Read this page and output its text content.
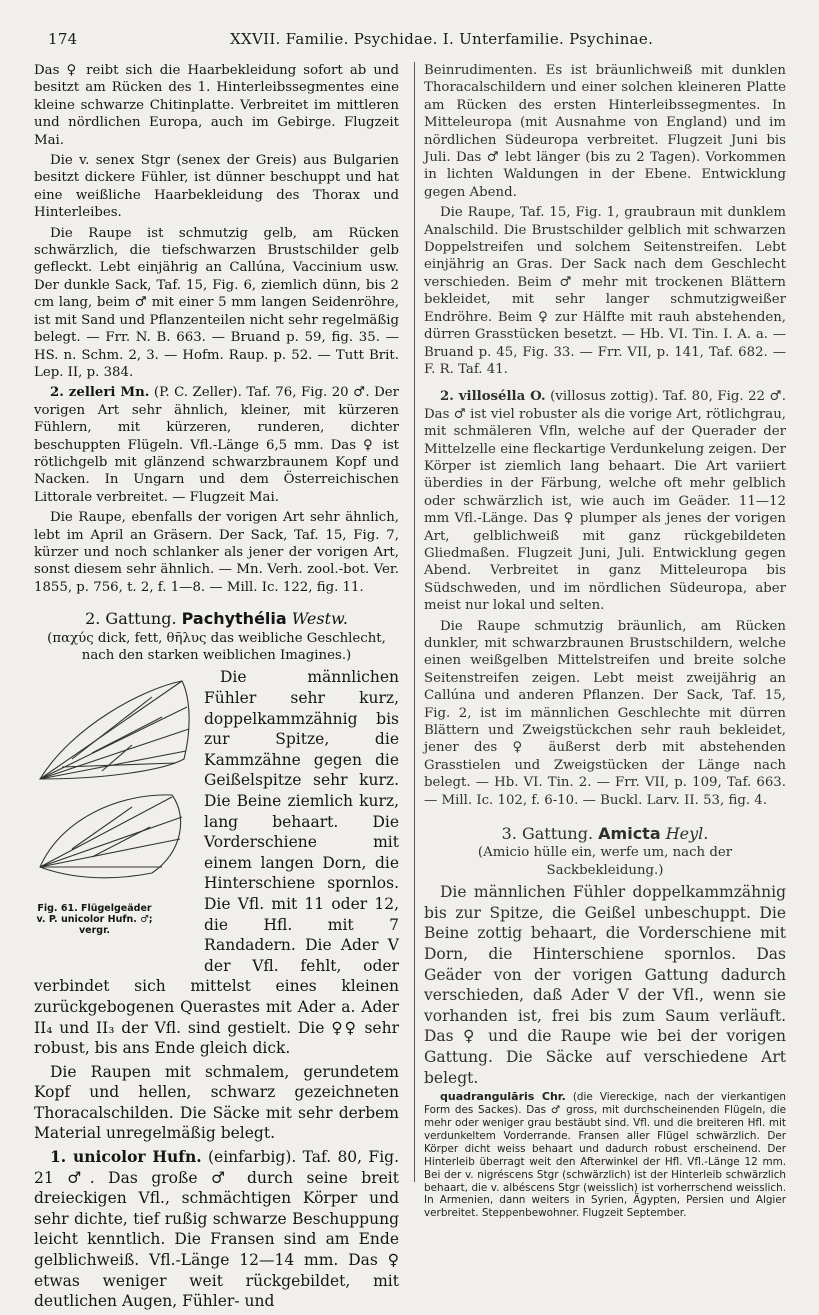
174	XXVII. Familie. Psychidae. I. Unterfamilie. Psychinae.

Das ♀ reibt sich die Haarbekleidung sofort ab und besitzt am Rücken des 1. Hinterleibssegmentes eine kleine schwarze Chitinplatte. Verbreitet im mittleren und nördlichen Europa, auch im Gebirge. Flugzeit Mai.

Die v. senex Stgr (senex der Greis) aus Bulgarien besitzt dickere Fühler, ist dünner beschuppt und hat eine weißliche Haarbekleidung des Thorax und Hinterleibes.

Die Raupe ist schmutzig gelb, am Rücken schwärzlich, die tiefschwarzen Brustschilder gelb gefleckt. Lebt einjährig an Callúna, Vaccinium usw. Der dunkle Sack, Taf. 15, Fig. 6, ziemlich dünn, bis 2 cm lang, beim ♂ mit einer 5 mm langen Seidenröhre, ist mit Sand und Pflanzenteilen nicht sehr regelmäßig belegt. — Frr. N. B. 663. — Bruand p. 59, fig. 35. — HS. n. Schm. 2, 3. — Hofm. Raup. p. 52. — Tutt Brit. Lep. II, p. 384.

2. zelleri Mn. (P. C. Zeller). Taf. 76, Fig. 20 ♂. Der vorigen Art sehr ähnlich, kleiner, mit kürzeren Fühlern, mit kürzeren, runderen, dichter beschuppten Flügeln. Vfl.-Länge 6,5 mm. Das ♀ ist rötlichgelb mit glänzend schwarzbraunem Kopf und Nacken. In Ungarn und dem Österreichischen Littorale verbreitet. — Flugzeit Mai.

Die Raupe, ebenfalls der vorigen Art sehr ähnlich, lebt im April an Gräsern. Der Sack, Taf. 15, Fig. 7, kürzer und noch schlanker als jener der vorigen Art, sonst diesem sehr ähnlich. — Mn. Verh. zool.-bot. Ver. 1855, p. 756, t. 2, f. 1—8. — Mill. Ic. 122, fig. 11.

2. Gattung. Pachythélia Westw.

(παχύς dick, fett, θῆλυς das weibliche Geschlecht, nach den starken weiblichen Imagines.)

Fig. 61. Flügelgeäder v. P. unicolor Hufn. ♂; vergr.

Die männlichen Fühler sehr kurz, doppelkammzähnig bis zur Spitze, die Kammzähne gegen die Geißelspitze sehr kurz. Die Beine ziemlich kurz, lang behaart. Die Vorderschiene mit einem langen Dorn, die Hinterschiene spornlos. Die Vfl. mit 11 oder 12, die Hfl. mit 7 Randadern. Die Ader V der Vfl. fehlt, oder verbindet sich mittelst eines kleinen zurückgebogenen Querastes mit Ader a. Ader II₄ und II₃ der Vfl. sind gestielt. Die ♀♀ sehr robust, bis ans Ende gleich dick.

Die Raupen mit schmalem, gerundetem Kopf und hellen, schwarz gezeichneten Thoracalschilden. Die Säcke mit sehr derbem Material unregelmäßig belegt.

1. unicolor Hufn. (einfarbig). Taf. 80, Fig. 21 ♂. Das große ♂ durch seine breit dreieckigen Vfl., schmächtigen Körper und sehr dichte, tief rußig schwarze Beschuppung leicht kenntlich. Die Fransen sind am Ende gelblichweiß. Vfl.-Länge 12—14 mm. Das ♀ etwas weniger weit rückgebildet, mit deutlichen Augen, Fühler- und

Beinrudimenten. Es ist bräunlichweiß mit dunklen Thoracalschildern und einer solchen kleineren Platte am Rücken des ersten Hinterleibssegmentes. In Mitteleuropa (mit Ausnahme von England) und im nördlichen Südeuropa verbreitet. Flugzeit Juni bis Juli. Das ♂ lebt länger (bis zu 2 Tagen). Vorkommen in lichten Waldungen in der Ebene. Entwicklung gegen Abend.

Die Raupe, Taf. 15, Fig. 1, graubraun mit dunklem Analschild. Die Brustschilder gelblich mit schwarzen Doppelstreifen und solchem Seitenstreifen. Lebt einjährig an Gras. Der Sack nach dem Geschlecht verschieden. Beim ♂ mehr mit trockenen Blättern bekleidet, mit sehr langer schmutzigweißer Endröhre. Beim ♀ zur Hälfte mit rauh abstehenden, dürren Grasstücken besetzt. — Hb. VI. Tin. I. A. a. — Bruand p. 45, Fig. 33. — Frr. VII, p. 141, Taf. 682. — F. R. Taf. 41.

2. villosélla O. (villosus zottig). Taf. 80, Fig. 22 ♂. Das ♂ ist viel robuster als die vorige Art, rötlichgrau, mit schmäleren Vfln, welche auf der Querader der Mittelzelle eine fleckartige Verdunkelung zeigen. Der Körper ist ziemlich lang behaart. Die Art variiert überdies in der Färbung, welche oft mehr gelblich oder schwärzlich ist, wie auch im Geäder. 11—12 mm Vfl.-Länge. Das ♀ plumper als jenes der vorigen Art, gelblichweiß mit ganz rückgebildeten Gliedmaßen. Flugzeit Juni, Juli. Entwicklung gegen Abend. Verbreitet in ganz Mitteleuropa bis Südschweden, und im nördlichen Südeuropa, aber meist nur lokal und selten.

Die Raupe schmutzig bräunlich, am Rücken dunkler, mit schwarzbraunen Brustschildern, welche einen weißgelben Mittelstreifen und breite solche Seitenstreifen zeigen. Lebt meist zweijährig an Callúna und anderen Pflanzen. Der Sack, Taf. 15, Fig. 2, ist im männlichen Geschlechte mit dürren Blättern und Zweigstückchen sehr rauh bekleidet, jener des ♀ äußerst derb mit abstehenden Grasstielen und Zweigstücken der Länge nach belegt. — Hb. VI. Tin. 2. — Frr. VII, p. 109, Taf. 663. — Mill. Ic. 102, f. 6-10. — Buckl. Larv. II. 53, fig. 4.

3. Gattung. Amicta Heyl.

(Amicio hülle ein, werfe um, nach der Sackbekleidung.)

Die männlichen Fühler doppelkammzähnig bis zur Spitze, die Geißel unbeschuppt. Die Beine zottig behaart, die Vorderschiene mit Dorn, die Hinterschiene spornlos. Das Geäder von der vorigen Gattung dadurch verschieden, daß Ader V der Vfl., wenn sie vorhanden ist, frei bis zum Saum verläuft. Das ♀ und die Raupe wie bei der vorigen Gattung. Die Säcke auf verschiedene Art belegt.

quadrangulāris Chr. (die Viereckige, nach der vierkantigen Form des Sackes). Das ♂ gross, mit durchscheinenden Flügeln, die mehr oder weniger grau bestäubt sind. Vfl. und die breiteren Hfl. mit verdunkeltem Vorderrande. Fransen aller Flügel schwärzlich. Der Körper dicht weiss behaart und dadurch robust erscheinend. Der Hinterleib überragt weit den Afterwinkel der Hfl. Vfl.-Länge 12 mm. Bei der v. nigréscens Stgr (schwärzlich) ist der Hinterleib schwärzlich behaart, die v. albéscens Stgr (weisslich) ist vorherrschend weisslich. In Armenien, dann weiters in Syrien, Ägypten, Persien und Algier verbreitet. Steppenbewohner. Flugzeit September.
